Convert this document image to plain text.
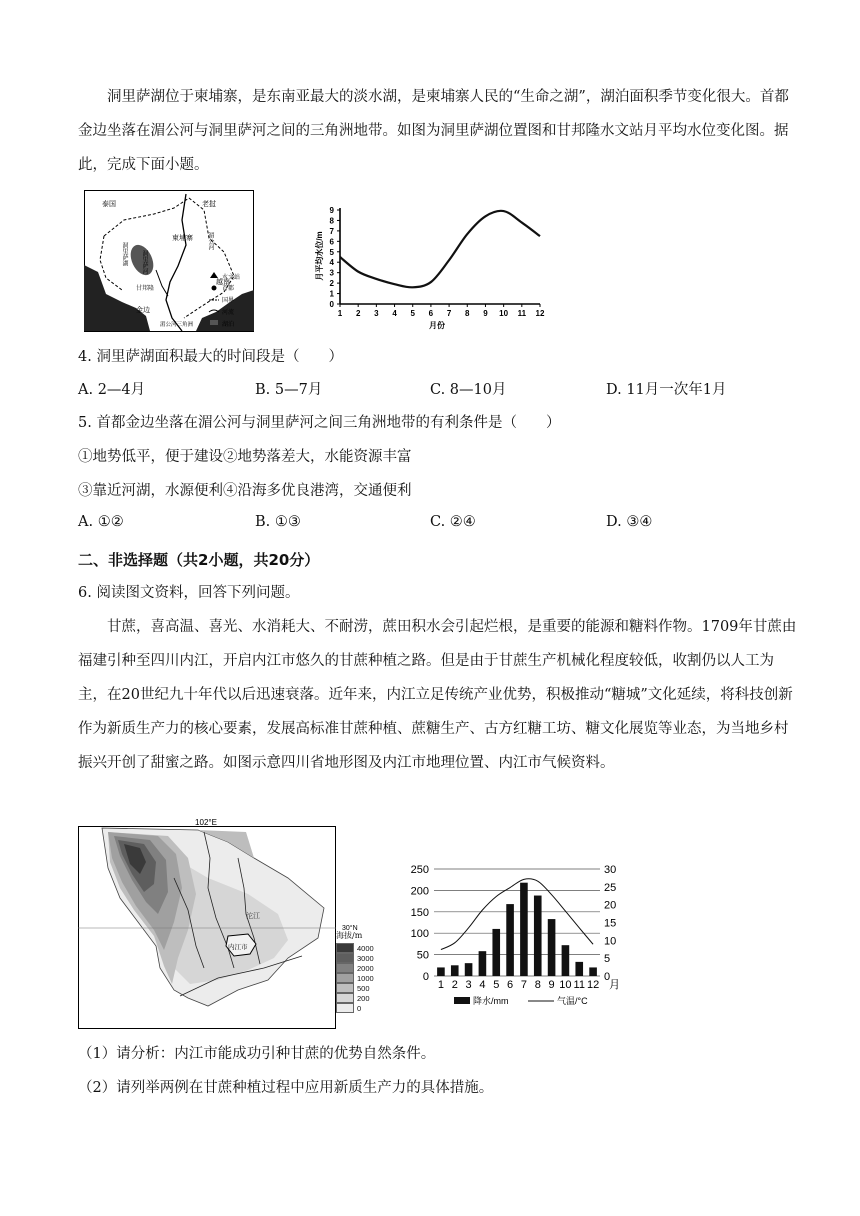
洞里萨湖位于柬埔寨，是东南亚最大的淡水湖，是柬埔寨人民的“生命之湖”，湖泊面积季节变化很大。首都金边坐落在湄公河与洞里萨河之间的三角洲地带。如图为洞里萨湖位置图和甘邦隆水文站月平均水位变化图。据此，完成下面小题。
泰国	老挝
柬埔寨 湄公河
洞里萨湖 洞里萨河
甘邦隆
金边
越南
湄公河三角洲
水文站
首都
国界
河流
湖泊
0
1
2
3
4
5
6
7
8
9
1 2 3 4 5 6 7 8 9 10 11 12
月平均水位/m
月份
4. 洞里萨湖面积最大的时间段是（　　）
A. 2—4月	B. 5—7月	C. 8—10月	D. 11月一次年1月
5. 首都金边坐落在湄公河与洞里萨河之间三角洲地带的有利条件是（　　）
①地势低平，便于建设②地势落差大，水能资源丰富
③靠近河湖，水源便利④沿海多优良港湾，交通便利
A. ①②	B. ①③	C. ②④	D. ③④
二、非选择题（共2小题，共20分）
6. 阅读图文资料，回答下列问题。
甘蔗，喜高温、喜光、水消耗大、不耐涝，蔗田积水会引起烂根，是重要的能源和糖料作物。1709年甘蔗由福建引种至四川内江，开启内江市悠久的甘蔗种植之路。但是由于甘蔗生产机械化程度较低，收割仍以人工为主，在20世纪九十年代以后迅速衰落。近年来，内江立足传统产业优势，积极推动“糖城”文化延续，将科技创新作为新质生产力的核心要素，发展高标准甘蔗种植、蔗糖生产、古方红糖工坊、糖文化展览等业态，为当地乡村振兴开创了甜蜜之路。如图示意四川省地形图及内江市地理位置、内江市气候资料。
102°E
30°N
沱江
内江市
海拔/m
4000
3000
2000
1000
500
200
0
0
50
100
150
200
250
0
5
10
15
20
25
30
1 2 3 4 5 6 7 8 9 10 11 12 月
降水/mm	气温/°C
（1）请分析：内江市能成功引种甘蔗的优势自然条件。
（2）请列举两例在甘蔗种植过程中应用新质生产力的具体措施。
